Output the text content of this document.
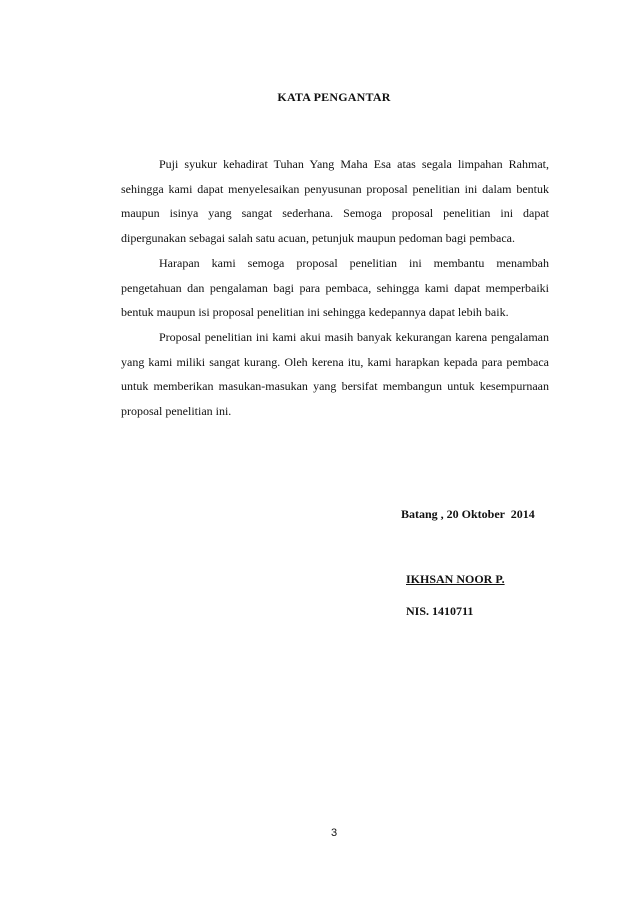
KATA PENGANTAR

Puji syukur kehadirat Tuhan Yang Maha Esa atas segala limpahan Rahmat, sehingga kami dapat menyelesaikan penyusunan proposal penelitian ini dalam bentuk maupun isinya yang sangat sederhana. Semoga proposal penelitian ini dapat dipergunakan sebagai salah satu acuan, petunjuk maupun pedoman bagi pembaca.

Harapan kami semoga proposal penelitian ini membantu menambah pengetahuan dan pengalaman bagi para pembaca, sehingga kami dapat memperbaiki bentuk maupun isi proposal penelitian ini sehingga kedepannya dapat lebih baik.

Proposal penelitian ini kami akui masih banyak kekurangan karena pengalaman yang kami miliki sangat kurang. Oleh kerena itu, kami harapkan kepada para pembaca untuk memberikan masukan-masukan yang bersifat membangun untuk kesempurnaan proposal penelitian ini.

Batang , 20 Oktober  2014
IKHSAN NOOR P.
NIS. 1410711
3
